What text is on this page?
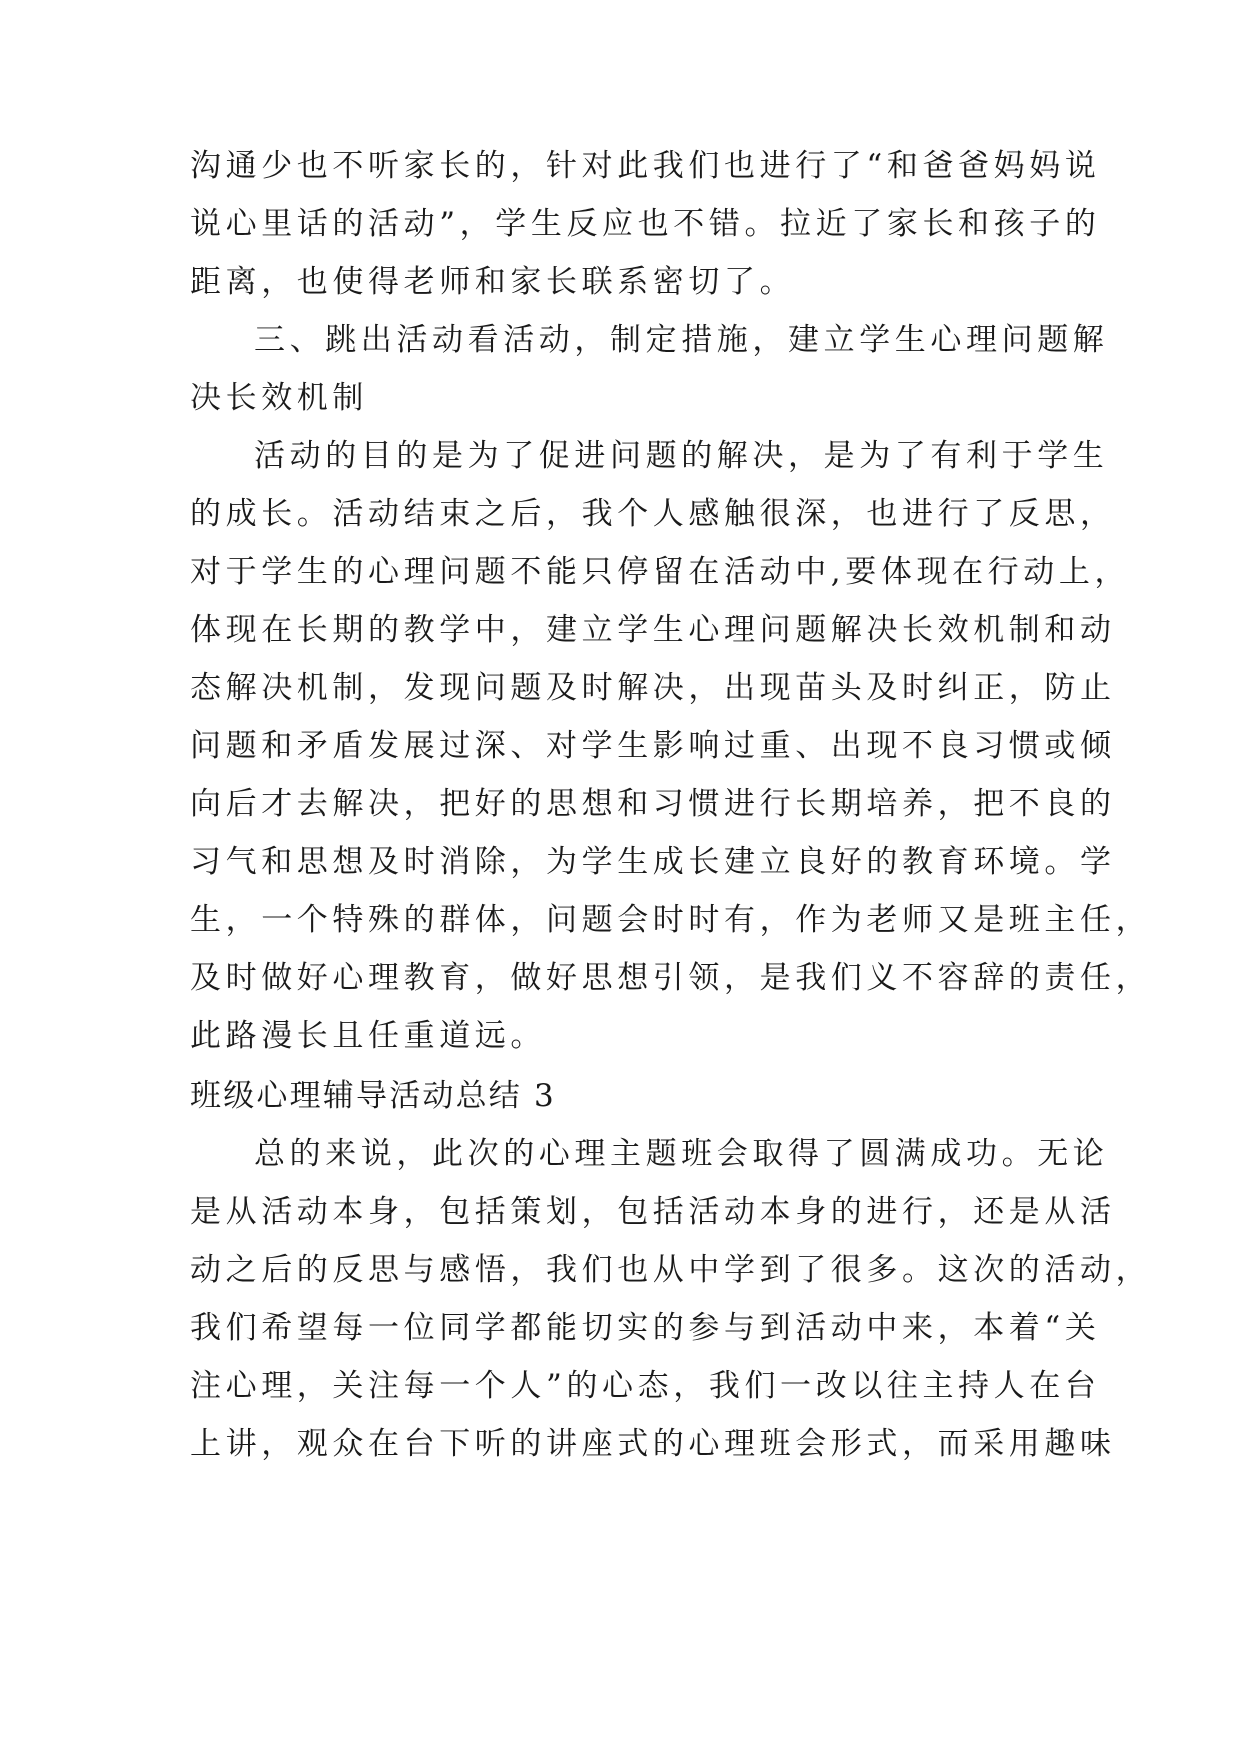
沟通少也不听家长的，针对此我们也进行了“和爸爸妈妈说
说心里话的活动”，学生反应也不错。拉近了家长和孩子的
距离，也使得老师和家长联系密切了。
三、跳出活动看活动，制定措施，建立学生心理问题解
决长效机制
活动的目的是为了促进问题的解决，是为了有利于学生
的成长。活动结束之后，我个人感触很深，也进行了反思，
对于学生的心理问题不能只停留在活动中,要体现在行动上，
体现在长期的教学中，建立学生心理问题解决长效机制和动
态解决机制，发现问题及时解决，出现苗头及时纠正，防止
问题和矛盾发展过深、对学生影响过重、出现不良习惯或倾
向后才去解决，把好的思想和习惯进行长期培养，把不良的
习气和思想及时消除，为学生成长建立良好的教育环境。学
生，一个特殊的群体，问题会时时有，作为老师又是班主任，
及时做好心理教育，做好思想引领，是我们义不容辞的责任，
此路漫长且任重道远。
班级心理辅导活动总结 3
总的来说，此次的心理主题班会取得了圆满成功。无论
是从活动本身，包括策划，包括活动本身的进行，还是从活
动之后的反思与感悟，我们也从中学到了很多。这次的活动，
我们希望每一位同学都能切实的参与到活动中来，本着“关
注心理，关注每一个人”的心态，我们一改以往主持人在台
上讲，观众在台下听的讲座式的心理班会形式，而采用趣味
